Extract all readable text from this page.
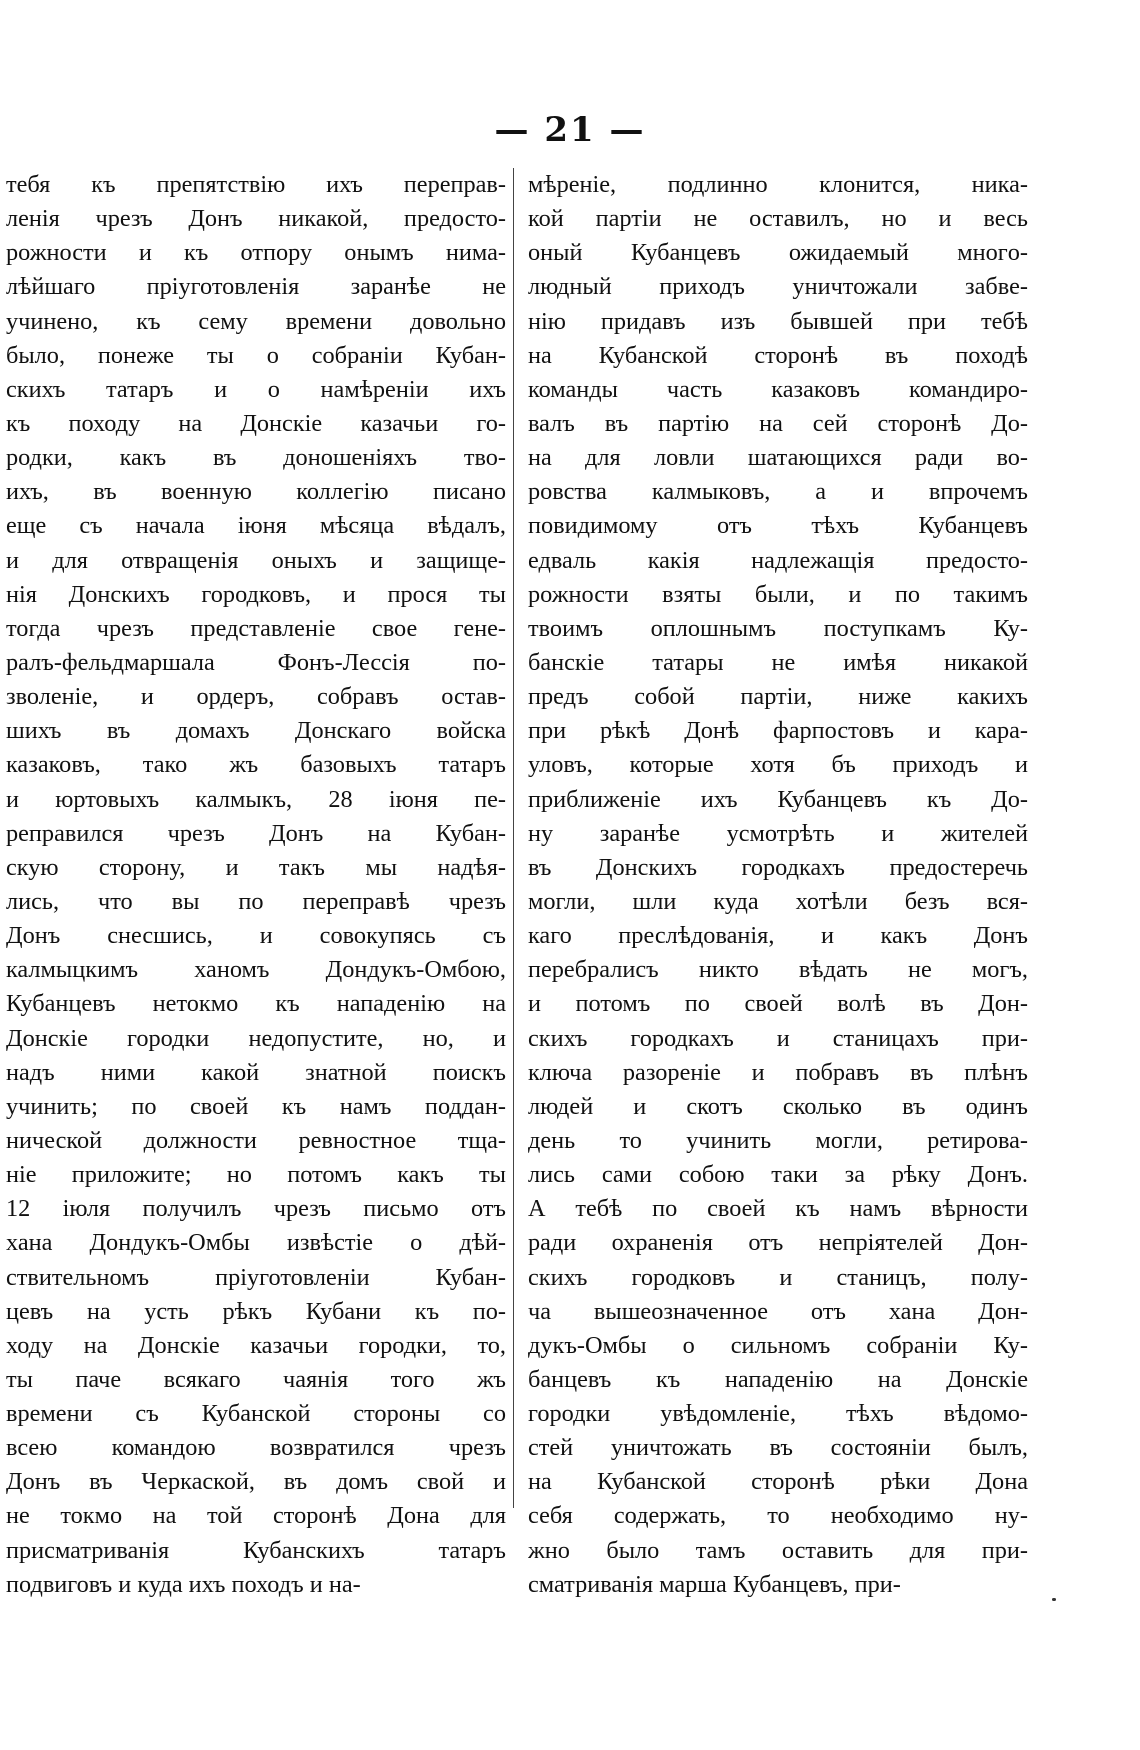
— 21 —
тебя къ препятствію ихъ перепрaв-
ленія чрезъ Донъ никакой, предосто-
рожности и къ отпору онымъ нима-
лѣйшаго пріуготовленія заранѣе не
учинено, къ сему времени довольно
было, понеже ты о собраніи Кубан-
скихъ татаръ и о намѣреніи ихъ
къ походу на Донскіе казачьи го-
родки, какъ въ доношеніяхъ тво-
ихъ, въ военную коллегію писано
еще съ начала іюня мѣсяца вѣдалъ,
и для отвращенія оныхъ и защище-
нія Донскихъ городковъ, и прося ты
тогда чрезъ представленіе свое гене-
ралъ-фельдмаршала Фонъ-Лессія по-
зволеніе, и ордеръ, собравъ остав-
шихъ въ домахъ Донскаго войска
казаковъ, тако жъ базовыхъ татаръ
и юртовыхъ калмыкъ, 28 іюня пе-
реправился чрезъ Донъ на Кубан-
скую сторону, и такъ мы надѣя-
лись, что вы по переправѣ чрезъ
Донъ снесшись, и совокупясь съ
калмыцкимъ ханомъ Дондукъ-Омбою,
Кубанцевъ нетокмо къ нападенію на
Донскіе городки недопустите, но, и
надъ ними какой знатной поискъ
учинить; по своей къ намъ поддан-
нической должности ревностное тща-
ніе приложите; но потомъ какъ ты
12 іюля получилъ чрезъ письмо отъ
хана Дондукъ-Омбы извѣстіе о дѣй-
ствительномъ пріуготовленіи Кубан-
цевъ на усть рѣкъ Кубани къ по-
ходу на Донскіе казачьи городки, то,
ты паче всякаго чаянія того жъ
времени съ Кубанской стороны со
всею командою возвратился чрезъ
Донъ въ Черкаской, въ домъ свой и
не токмо на той сторонѣ Дона для
присматриванія Кубанскихъ татаръ
подвиговъ и куда ихъ походъ и на-
мѣреніе, подлинно клонится, ника-
кой партіи не оставилъ, но и весь
оный Кубанцевъ ожидаемый многo-
людный приходъ уничтожали забве-
нію придавъ изъ бывшей при тебѣ
на Кубанской сторонѣ въ походѣ
команды часть казаковъ командиро-
валъ въ партію на сей сторонѣ До-
на для ловли шатающихся ради во-
ровства калмыковъ, а и впрочемъ
повидимому отъ тѣхъ Кубанцевъ
едваль какія надлежащія предосто-
рожности взяты были, и по такимъ
твоимъ оплошнымъ поступкамъ Ку-
банскіе татары не имѣя никакой
предъ собой партіи, ниже какихъ
при рѣкѣ Донѣ фарпостовъ и кара-
уловъ, которые хотя бъ приходъ и
приближеніе ихъ Кубанцевъ къ До-
ну заранѣе усмотрѣть и жителей
въ Донскихъ городкахъ предостеречь
могли, шли куда хотѣли безъ вся-
каго преслѣдованія, и какъ Донъ
перебралисъ никто вѣдать не могъ,
и потомъ по своей волѣ въ Дон-
скихъ городкахъ и станицахъ при-
ключа разореніе и побравъ въ плѣнъ
людей и скотъ сколько въ одинъ
день то учинить могли, ретирова-
лись сами собою таки за рѣку Донъ.
А тебѣ по своей къ намъ вѣрности
ради охраненія отъ непріятелей Дон-
скихъ городковъ и станицъ, полу-
ча вышеозначенное отъ хана Дон-
дукъ-Омбы о сильномъ собраніи Ку-
банцевъ къ нападенію на Донскіе
городки увѣдомленіе, тѣхъ вѣдомо-
стей уничтожать въ состояніи былъ,
на Кубанской сторонѣ рѣки Дона
себя содержать, то необходимо ну-
жно было тамъ оставить для при-
сматриванія марша Кубанцевъ, при-
